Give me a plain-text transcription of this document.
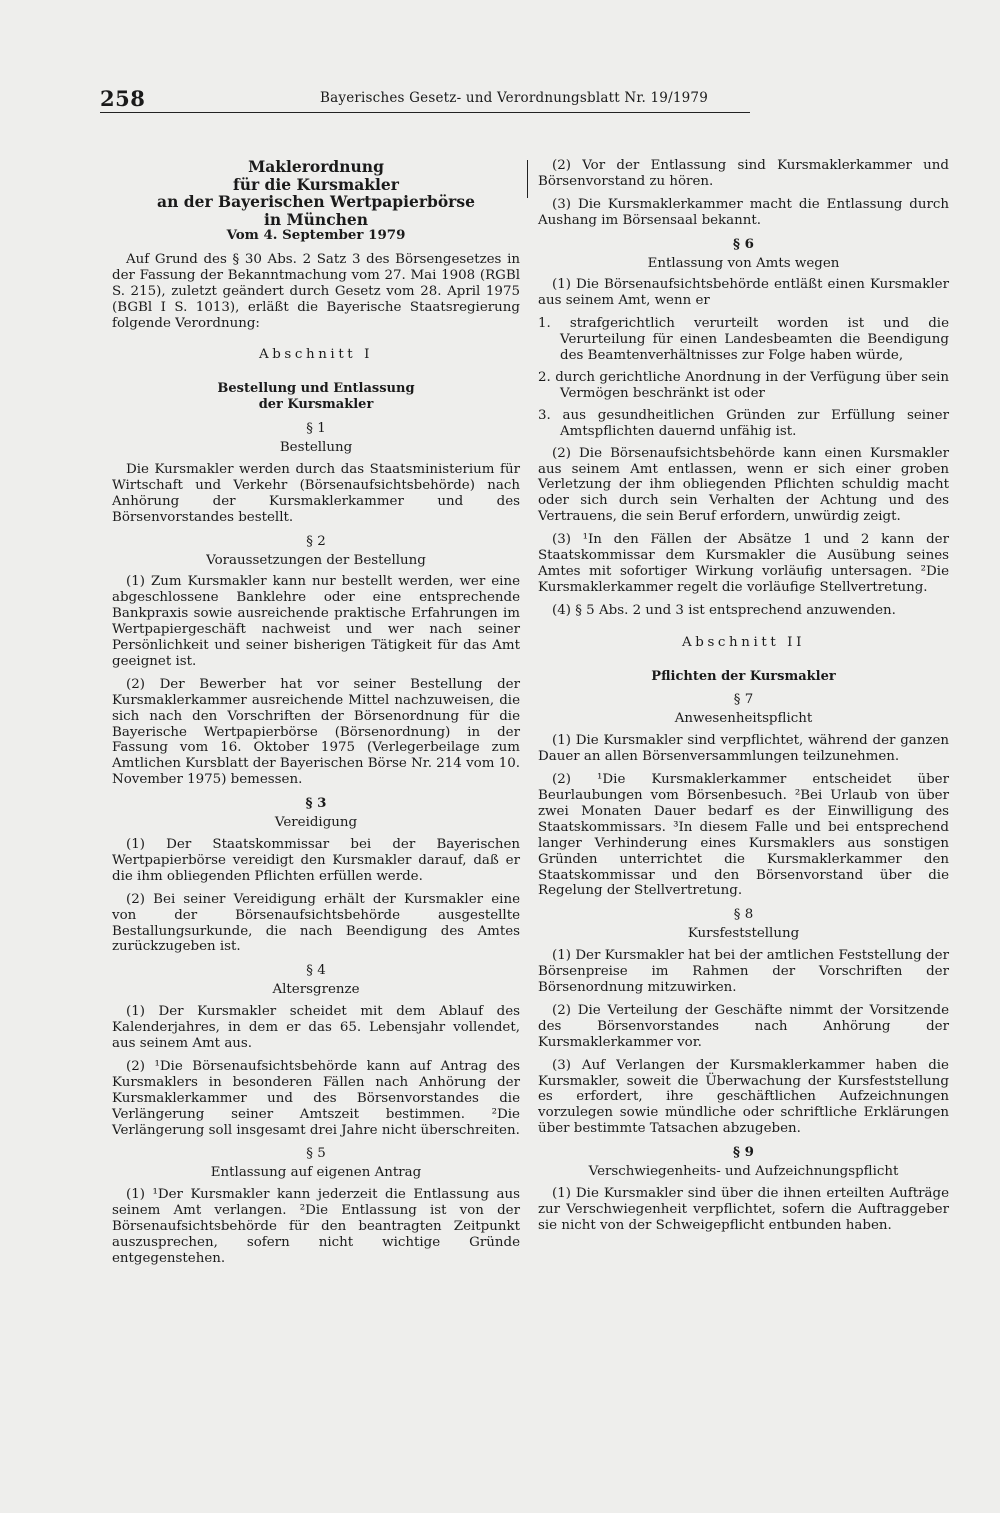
258	Bayerisches Gesetz- und Verordnungsblatt Nr. 19/1979

Maklerordnung

für die Kursmakler

an der Bayerischen Wertpapierbörse

in München

Vom 4. September 1979

Auf Grund des § 30 Abs. 2 Satz 3 des Börsengesetzes in der Fassung der Bekanntmachung vom 27. Mai 1908 (RGBl S. 215), zuletzt geändert durch Gesetz vom 28. April 1975 (BGBl I S. 1013), erläßt die Bayerische Staatsregierung folgende Verordnung:

Abschnitt I

Bestellung und Entlassung

der Kursmakler

§ 1

Bestellung

Die Kursmakler werden durch das Staatsministerium für Wirtschaft und Verkehr (Börsenaufsichtsbehörde) nach Anhörung der Kursmaklerkammer und des Börsenvorstandes bestellt.

§ 2

Voraussetzungen der Bestellung

(1) Zum Kursmakler kann nur bestellt werden, wer eine abgeschlossene Banklehre oder eine entsprechende Bankpraxis sowie ausreichende praktische Erfahrungen im Wertpapiergeschäft nachweist und wer nach seiner Persönlichkeit und seiner bisherigen Tätigkeit für das Amt geeignet ist.

(2) Der Bewerber hat vor seiner Bestellung der Kursmaklerkammer ausreichende Mittel nachzuweisen, die sich nach den Vorschriften der Börsenordnung für die Bayerische Wertpapierbörse (Börsenordnung) in der Fassung vom 16. Oktober 1975 (Verlegerbeilage zum Amtlichen Kursblatt der Bayerischen Börse Nr. 214 vom 10. November 1975) bemessen.

§ 3

Vereidigung

(1) Der Staatskommissar bei der Bayerischen Wertpapierbörse vereidigt den Kursmakler darauf, daß er die ihm obliegenden Pflichten erfüllen werde.

(2) Bei seiner Vereidigung erhält der Kursmakler eine von der Börsenaufsichtsbehörde ausgestellte Bestallungsurkunde, die nach Beendigung des Amtes zurückzugeben ist.

§ 4

Altersgrenze

(1) Der Kursmakler scheidet mit dem Ablauf des Kalenderjahres, in dem er das 65. Lebensjahr vollendet, aus seinem Amt aus.

(2) ¹Die Börsenaufsichtsbehörde kann auf Antrag des Kursmaklers in besonderen Fällen nach Anhörung der Kursmaklerkammer und des Börsenvorstandes die Verlängerung seiner Amtszeit bestimmen. ²Die Verlängerung soll insgesamt drei Jahre nicht überschreiten.

§ 5

Entlassung auf eigenen Antrag

(1) ¹Der Kursmakler kann jederzeit die Entlassung aus seinem Amt verlangen. ²Die Entlassung ist von der Börsenaufsichtsbehörde für den beantragten Zeitpunkt auszusprechen, sofern nicht wichtige Gründe entgegenstehen.

(2) Vor der Entlassung sind Kursmaklerkammer und Börsenvorstand zu hören.

(3) Die Kursmaklerkammer macht die Entlassung durch Aushang im Börsensaal bekannt.

§ 6

Entlassung von Amts wegen

(1) Die Börsenaufsichtsbehörde entläßt einen Kursmakler aus seinem Amt, wenn er

1. strafgerichtlich verurteilt worden ist und die Verurteilung für einen Landesbeamten die Beendigung des Beamtenverhältnisses zur Folge haben würde,

2. durch gerichtliche Anordnung in der Verfügung über sein Vermögen beschränkt ist oder

3. aus gesundheitlichen Gründen zur Erfüllung seiner Amtspflichten dauernd unfähig ist.

(2) Die Börsenaufsichtsbehörde kann einen Kursmakler aus seinem Amt entlassen, wenn er sich einer groben Verletzung der ihm obliegenden Pflichten schuldig macht oder sich durch sein Verhalten der Achtung und des Vertrauens, die sein Beruf erfordern, unwürdig zeigt.

(3) ¹In den Fällen der Absätze 1 und 2 kann der Staatskommissar dem Kursmakler die Ausübung seines Amtes mit sofortiger Wirkung vorläufig untersagen. ²Die Kursmaklerkammer regelt die vorläufige Stellvertretung.

(4) § 5 Abs. 2 und 3 ist entsprechend anzuwenden.

Abschnitt II

Pflichten der Kursmakler

§ 7

Anwesenheitspflicht

(1) Die Kursmakler sind verpflichtet, während der ganzen Dauer an allen Börsenversammlungen teilzunehmen.

(2) ¹Die Kursmaklerkammer entscheidet über Beurlaubungen vom Börsenbesuch. ²Bei Urlaub von über zwei Monaten Dauer bedarf es der Einwilligung des Staatskommissars. ³In diesem Falle und bei entsprechend langer Verhinderung eines Kursmaklers aus sonstigen Gründen unterrichtet die Kursmaklerkammer den Staatskommissar und den Börsenvorstand über die Regelung der Stellvertretung.

§ 8

Kursfeststellung

(1) Der Kursmakler hat bei der amtlichen Feststellung der Börsenpreise im Rahmen der Vorschriften der Börsenordnung mitzuwirken.

(2) Die Verteilung der Geschäfte nimmt der Vorsitzende des Börsenvorstandes nach Anhörung der Kursmaklerkammer vor.

(3) Auf Verlangen der Kursmaklerkammer haben die Kursmakler, soweit die Überwachung der Kursfeststellung es erfordert, ihre geschäftlichen Aufzeichnungen vorzulegen sowie mündliche oder schriftliche Erklärungen über bestimmte Tatsachen abzugeben.

§ 9

Verschwiegenheits- und Aufzeichnungspflicht

(1) Die Kursmakler sind über die ihnen erteilten Aufträge zur Verschwiegenheit verpflichtet, sofern die Auftraggeber sie nicht von der Schweigepflicht entbunden haben.
